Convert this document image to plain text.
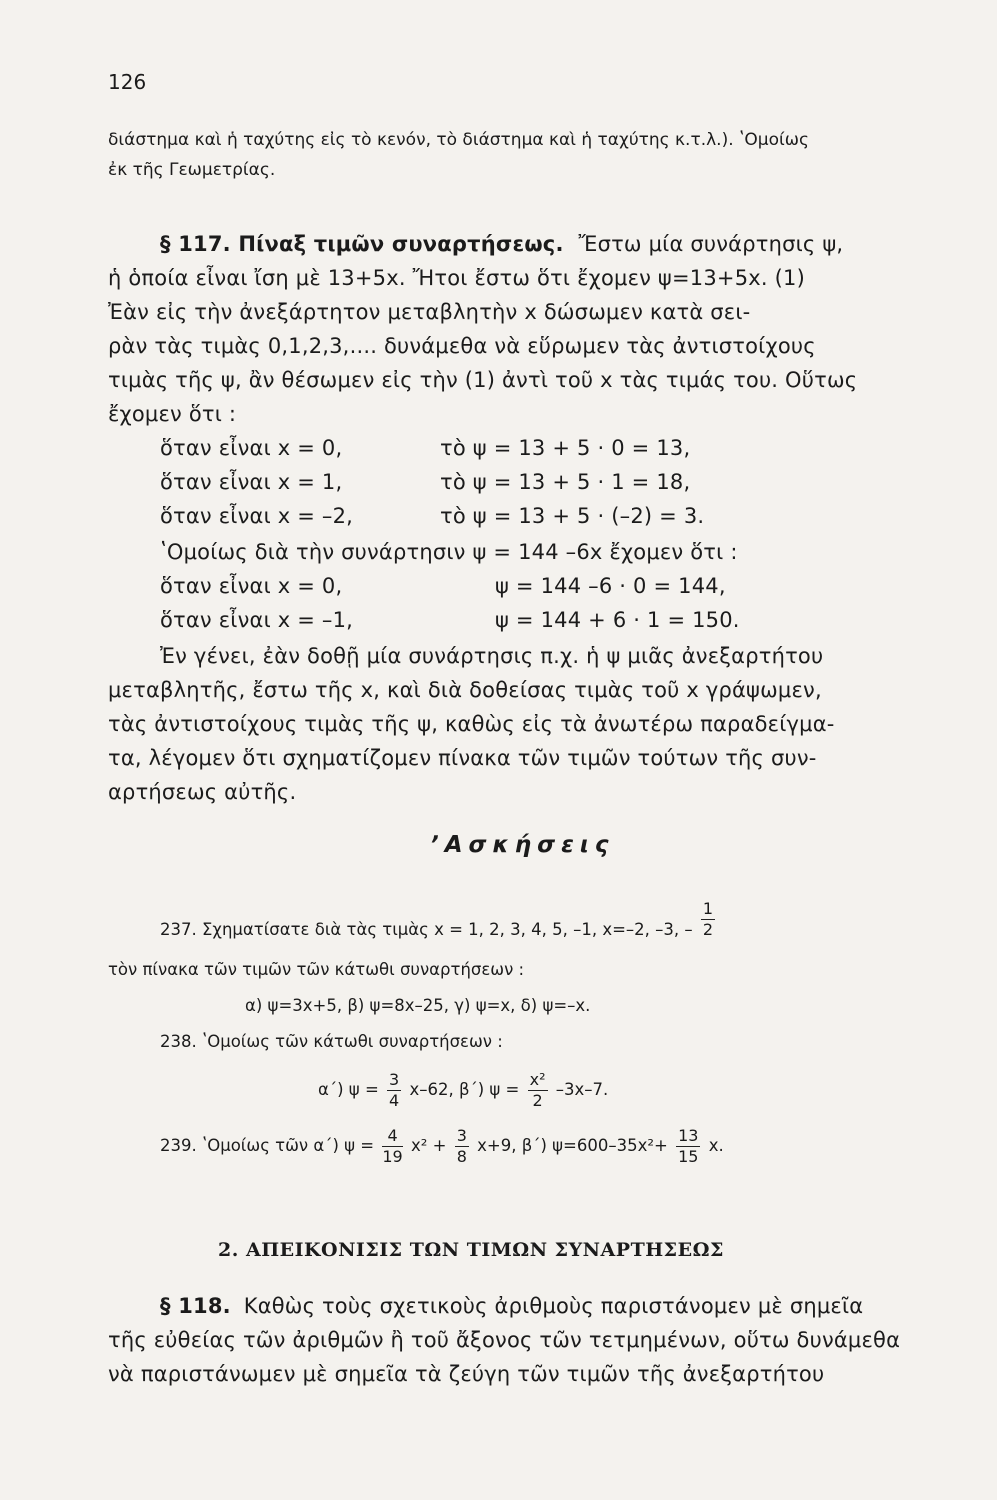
126
διάστημα καὶ ἡ ταχύτης εἰς τὸ κενόν, τὸ διάστημα καὶ ἡ ταχύτης κ.τ.λ.). ʽΟμοίως
ἐκ τῆς Γεωμετρίας.
§ 117. Πίναξ τιμῶν συναρτήσεως. Ἔστω μία συνάρτησις ψ,
ἡ ὁποία εἶναι ἴση μὲ 13+5x. Ἤτοι ἔστω ὅτι ἔχομεν ψ=13+5x. (1)
Ἐὰν εἰς τὴν ἀνεξάρτητον μεταβλητὴν x δώσωμεν κατὰ σει-
ρὰν τὰς τιμὰς 0,1,2,3,.... δυνάμεθα νὰ εὕρωμεν τὰς ἀντιστοίχους
τιμὰς τῆς ψ, ἂν θέσωμεν εἰς τὴν (1) ἀντὶ τοῦ x τὰς τιμάς του. Οὕτως
ἔχομεν ὅτι :
ὅταν εἶναι x = 0,	τὸ ψ = 13 + 5 · 0 = 13,
ὅταν εἶναι x = 1,	τὸ ψ = 13 + 5 · 1 = 18,
ὅταν εἶναι x = –2,	τὸ ψ = 13 + 5 · (–2) = 3.
ʽΟμοίως διὰ τὴν συνάρτησιν ψ = 144 –6x ἔχομεν ὅτι :
ὅταν εἶναι x = 0,	ψ = 144 –6 · 0 = 144,
ὅταν εἶναι x = –1,	ψ = 144 + 6 · 1 = 150.
Ἐν γένει, ἐὰν δοθῇ μία συνάρτησις π.χ. ἡ ψ μιᾶς ἀνεξαρτήτου
μεταβλητῆς, ἔστω τῆς x, καὶ διὰ δοθείσας τιμὰς τοῦ x γράψωμεν,
τὰς ἀντιστοίχους τιμὰς τῆς ψ, καθὼς εἰς τὰ ἀνωτέρω παραδείγμα-
τα, λέγομεν ὅτι σχηματίζομεν πίνακα τῶν τιμῶν τούτων τῆς συν-
αρτήσεως αὐτῆς.
ʼΑσκήσεις
237. Σχηματίσατε διὰ τὰς τιμὰς x = 1, 2, 3, 4, 5, –1, x=–2, –3, – $\frac{1}{2}$
τὸν πίνακα τῶν τιμῶν τῶν κάτωθι συναρτήσεων :
α) ψ=3x+5, β) ψ=8x–25, γ) ψ=x, δ) ψ=–x.
238. ʽΟμοίως τῶν κάτωθι συναρτήσεων :
α΄) $\psi = \frac{3}{4} x-62$, β΄) $\psi = \frac{\text{x²}}{2} -3x-7$.
239. ʽΟμοίως τῶν α΄) $\psi = \frac{4}{19} x^2 + \frac{3}{8} x+9$, β΄) $\psi=600-35x^2+ \frac{13}{15} x$.
2. ΑΠΕΙΚΟΝΙΣΙΣ ΤΩΝ ΤΙΜΩΝ ΣΥΝΑΡΤΗΣΕΩΣ
§ 118. Καθὼς τοὺς σχετικοὺς ἀριθμοὺς παριστάνομεν μὲ σημεῖα
τῆς εὐθείας τῶν ἀριθμῶν ἢ τοῦ ἄξονος τῶν τετμημένων, οὕτω δυνάμεθα
νὰ παριστάνωμεν μὲ σημεῖα τὰ ζεύγη τῶν τιμῶν τῆς ἀνεξαρτήτου
